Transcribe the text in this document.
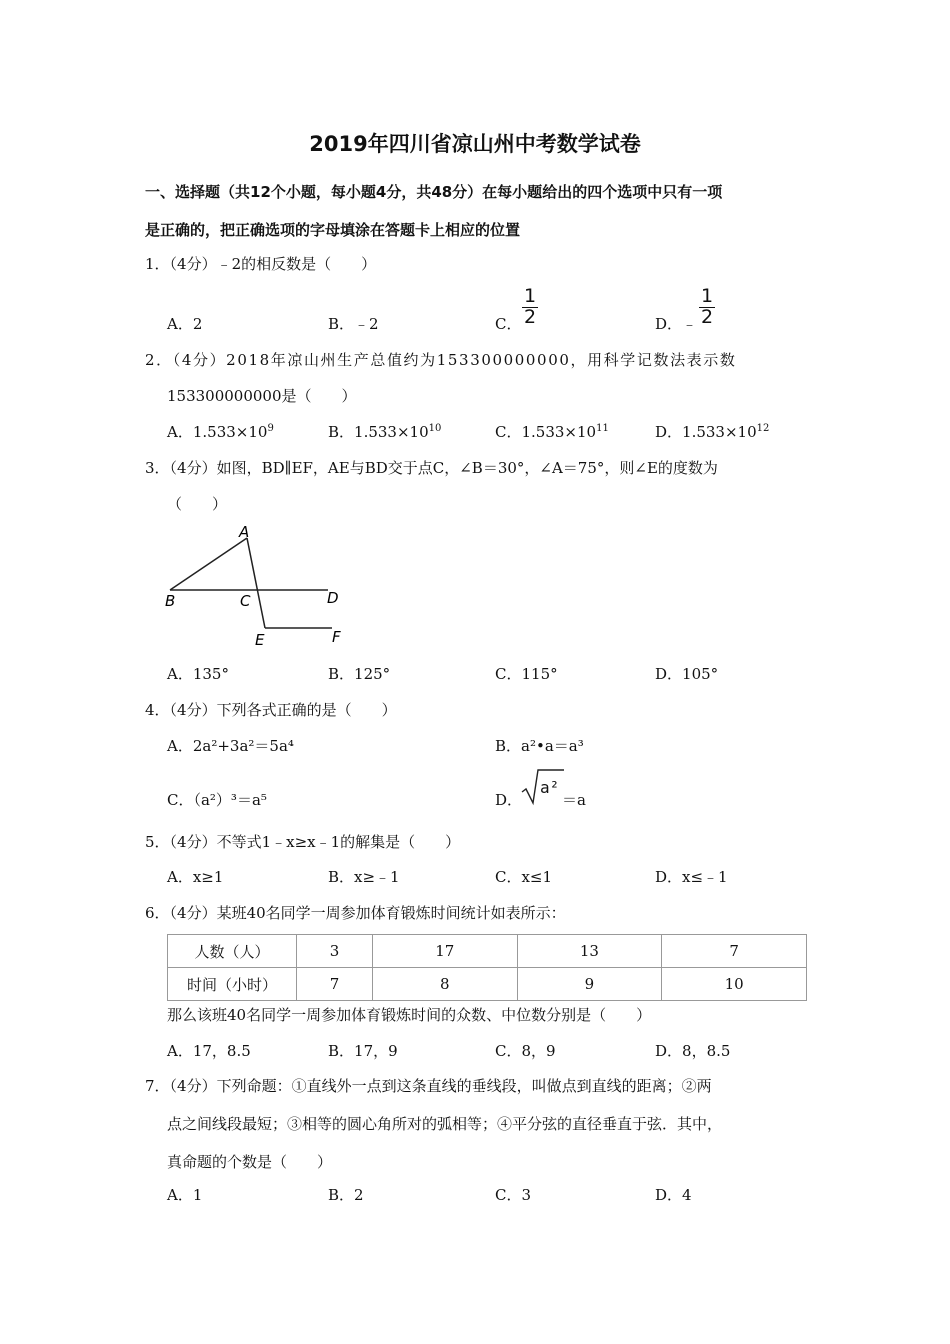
2019年四川省凉山州中考数学试卷
一、选择题（共12个小题，每小题4分，共48分）在每小题给出的四个选项中只有一项
是正确的，把正确选项的字母填涂在答题卡上相应的位置
1．（4分）﹣2的相反数是（　　）
A．2	B．﹣2	C．
1
2	D．﹣
1
2
2．（4分）2018年凉山州生产总值约为153300000000，用科学记数法表示数
153300000000是（　　）
A．$1.533\times 10^9$	B．$1.533\times 10^{10}$	C．$1.533\times 10^{11}$	D．$1.533\times 10^{12}$
3．（4分）如图，BD∥EF，AE与BD交于点C，∠B＝30°，∠A＝75°，则∠E的度数为
（　　）
A
B	C	D
E	F
A．135°	B．125°	C．115°	D．105°
4．（4分）下列各式正确的是（　　）
A．2a²+3a²＝5a⁴	B．a²•a＝a³
C．（a²）³＝a⁵	D．
a²
＝a
5．（4分）不等式1﹣x≥x﹣1的解集是（　　）
A．x≥1	B．x≥﹣1	C．x≤1	D．x≤﹣1
6．（4分）某班40名同学一周参加体育锻炼时间统计如表所示：
人数（人）	3	17	13	7
时间（小时）	7	8	9	10
那么该班40名同学一周参加体育锻炼时间的众数、中位数分别是（　　）
A．17，8.5	B．17，9	C．8，9	D．8，8.5
7．（4分）下列命题：①直线外一点到这条直线的垂线段，叫做点到直线的距离；②两
点之间线段最短；③相等的圆心角所对的弧相等；④平分弦的直径垂直于弦．其中，
真命题的个数是（　　）
A．1	B．2	C．3	D．4
